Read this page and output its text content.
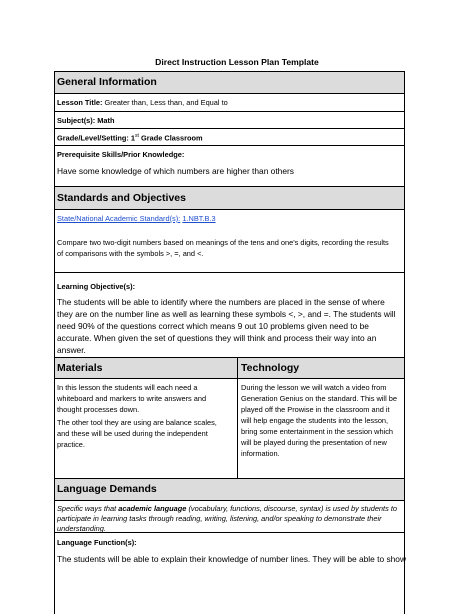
Direct Instruction Lesson Plan Template
General Information
Lesson Title: Greater than, Less than, and Equal to
Subject(s): Math
Grade/Level/Setting: 1st Grade Classroom
Prerequisite Skills/Prior Knowledge:
Have some knowledge of which numbers are higher than others
Standards and Objectives
State/National Academic Standard(s): 1.NBT.B.3
Compare two two-digit numbers based on meanings of the tens and one's digits, recording the results of comparisons with the symbols >, =, and <.
Learning Objective(s):
The students will be able to identify where the numbers are placed in the sense of where they are on the number line as well as learning these symbols <, >, and =. The students will need 90% of the questions correct which means 9 out 10 problems given need to be accurate. When given the set of questions they will think and process their way into an answer.
Materials	Technology
In this lesson the students will each need a whiteboard and markers to write answers and thought processes down.
The other tool they are using are balance scales, and these will be used during the independent practice.
During the lesson we will watch a video from Generation Genius on the standard. This will be played off the Prowise in the classroom and it will help engage the students into the lesson, bring some entertainment in the session which will be played during the presentation of new information.
Language Demands
Specific ways that academic language (vocabulary, functions, discourse, syntax) is used by students to participate in learning tasks through reading, writing, listening, and/or speaking to demonstrate their understanding.
Language Function(s):
The students will be able to explain their knowledge of number lines. They will be able to show
